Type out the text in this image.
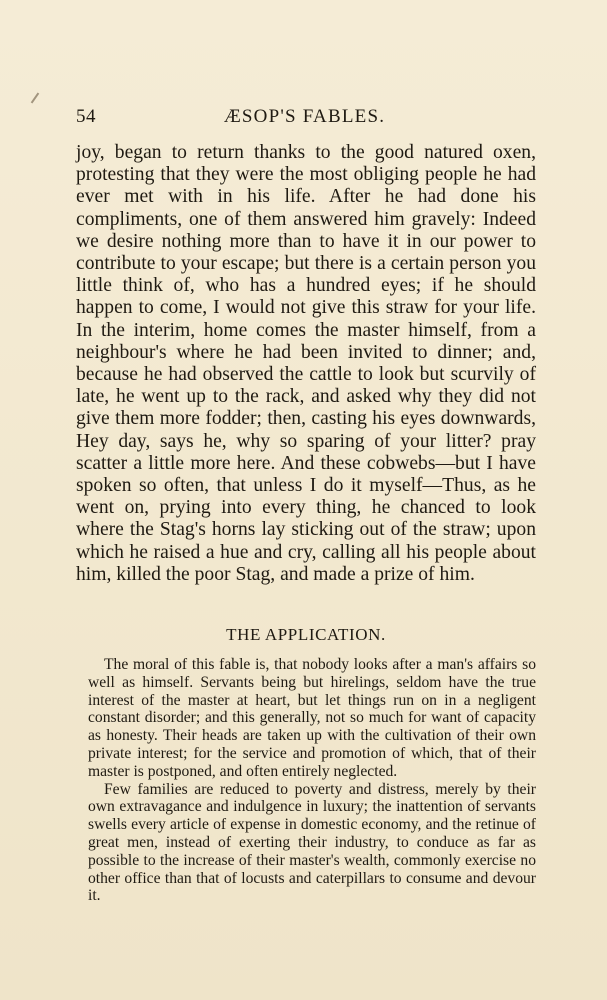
54	ÆSOP'S FABLES.

joy, began to return thanks to the good natured oxen, protesting that they were the most obliging people he had ever met with in his life. After he had done his compliments, one of them answered him gravely: Indeed we desire nothing more than to have it in our power to contribute to your escape; but there is a certain person you little think of, who has a hundred eyes; if he should happen to come, I would not give this straw for your life. In the interim, home comes the master himself, from a neighbour's where he had been invited to dinner; and, because he had observed the cattle to look but scurvily of late, he went up to the rack, and asked why they did not give them more fodder; then, casting his eyes downwards, Hey day, says he, why so sparing of your litter? pray scatter a little more here. And these cobwebs—but I have spoken so often, that unless I do it myself—Thus, as he went on, prying into every thing, he chanced to look where the Stag's horns lay sticking out of the straw; upon which he raised a hue and cry, calling all his people about him, killed the poor Stag, and made a prize of him.

THE APPLICATION.

The moral of this fable is, that nobody looks after a man's affairs so well as himself. Servants being but hirelings, seldom have the true interest of the master at heart, but let things run on in a negligent constant disorder; and this generally, not so much for want of capacity as honesty. Their heads are taken up with the cultivation of their own private interest; for the service and promotion of which, that of their master is postponed, and often entirely neglected.

Few families are reduced to poverty and distress, merely by their own extravagance and indulgence in luxury; the inattention of servants swells every article of expense in domestic economy, and the retinue of great men, instead of exerting their industry, to conduce as far as possible to the increase of their master's wealth, commonly exercise no other office than that of locusts and caterpillars to consume and devour it.
